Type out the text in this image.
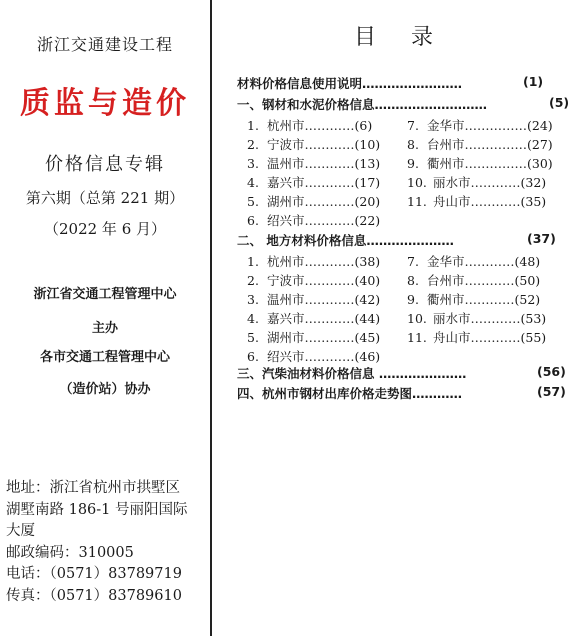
浙江交通建设工程
质监与造价
价格信息专辑
第六期（总第 221 期）
（2022 年 6 月）
浙江省交通工程管理中心
主办
各市交通工程管理中心
（造价站）协办
地址：浙江省杭州市拱墅区
湖墅南路 186-1 号丽阳国际
大厦
邮政编码：310005
电话：（0571）83789719
传真：（0571）83789610
目 录
材料价格信息使用说明……………………	(1)
一、钢材和水泥价格信息………………………	(5)
1. 杭州市…………(6)
2. 宁波市…………(10)
3. 温州市…………(13)
4. 嘉兴市…………(17)
5. 湖州市…………(20)
6. 绍兴市…………(22)
7. 金华市……………(24)
8. 台州市……………(27)
9. 衢州市……………(30)
10. 丽水市…………(32)
11. 舟山市…………(35)
二、 地方材料价格信息…………………	(37)
1. 杭州市…………(38)
2. 宁波市…………(40)
3. 温州市…………(42)
4. 嘉兴市…………(44)
5. 湖州市…………(45)
6. 绍兴市…………(46)
7. 金华市…………(48)
8. 台州市…………(50)
9. 衢州市…………(52)
10. 丽水市…………(53)
11. 舟山市…………(55)
三、汽柴油材料价格信息 …………………	(56)
四、杭州市钢材出库价格走势图…………	(57)
